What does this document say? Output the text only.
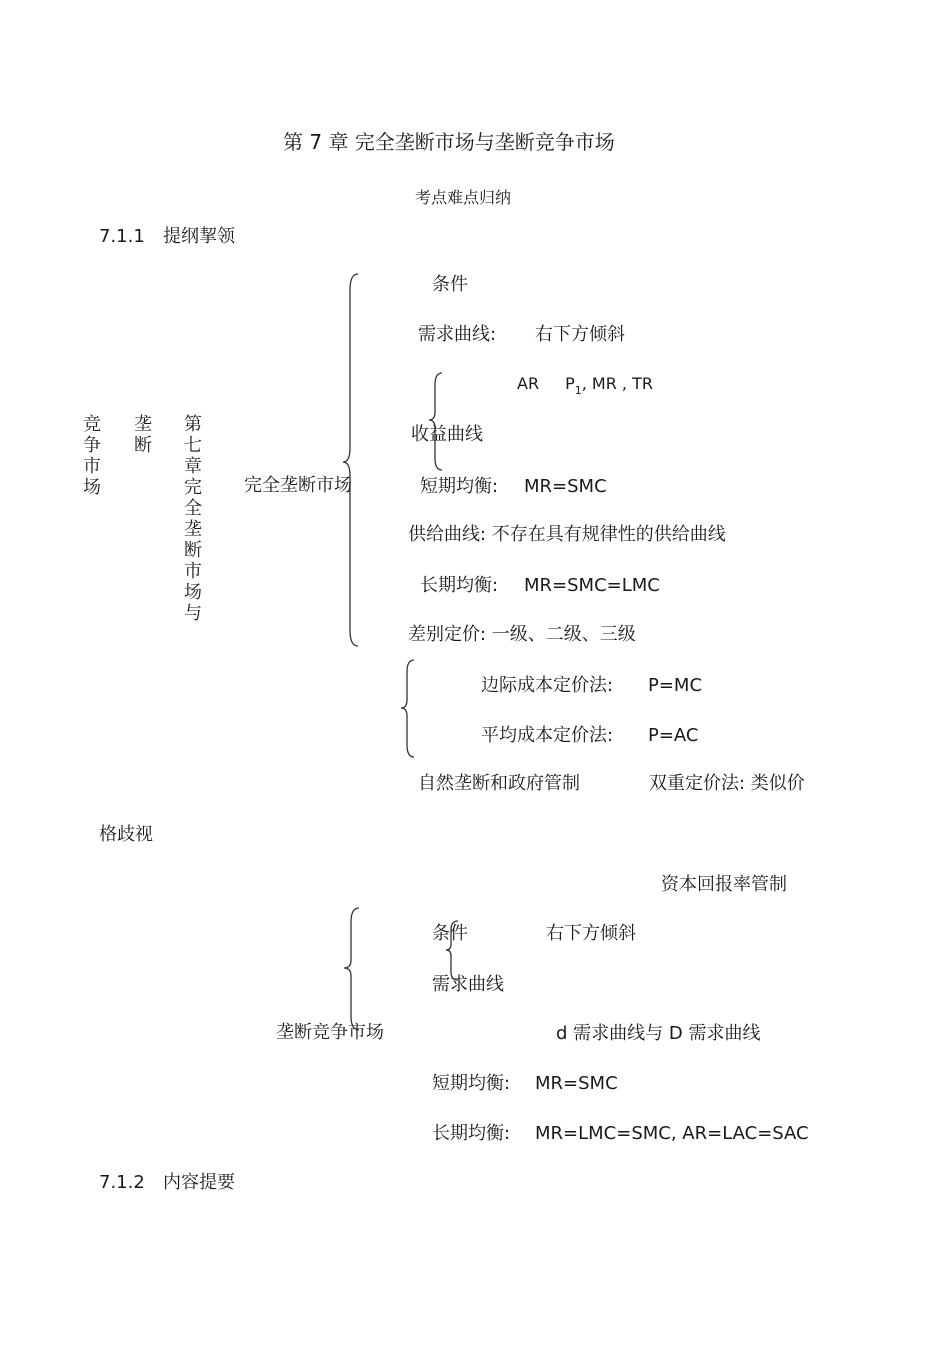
第 7 章 完全垄断市场与垄断竞争市场
考点难点归纳
7.1.1 提纲挈领
竞争市场
垄断
第七章完全垄断市场与
完全垄断市场
条件
需求曲线: 右下方倾斜
AR $P_1$, MR , TR
收益曲线
短期均衡: MR=SMC
供给曲线: 不存在具有规律性的供给曲线
长期均衡: MR=SMC=LMC
差别定价: 一级、二级、三级
边际成本定价法: P=MC
平均成本定价法: P=AC
自然垄断和政府管制	双重定价法: 类似价
格歧视
资本回报率管制
条件	右下方倾斜
需求曲线
垄断竞争市场	d 需求曲线与 D 需求曲线
短期均衡: MR=SMC
长期均衡: MR=LMC=SMC, AR=LAC=SAC
7.1.2 内容提要
